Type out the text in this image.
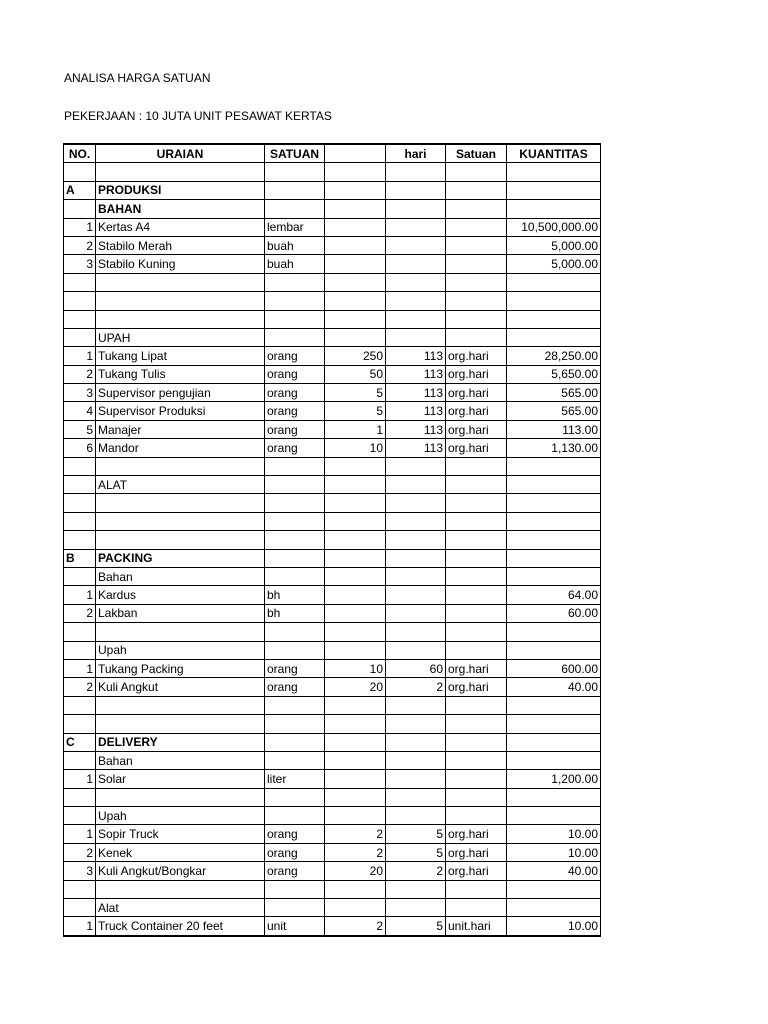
ANALISA HARGA SATUAN
PEKERJAAN : 10 JUTA UNIT PESAWAT KERTAS
NO.	URAIAN	SATUAN		hari	Satuan	KUANTITAS

A	PRODUKSI					
	BAHAN					
1	Kertas A4	lembar				10,500,000.00
2	Stabilo Merah	buah				5,000.00
3	Stabilo Kuning	buah				5,000.00

	UPAH					
1	Tukang Lipat	orang	250	113	org.hari	28,250.00
2	Tukang Tulis	orang	50	113	org.hari	5,650.00
3	Supervisor pengujian	orang	5	113	org.hari	565.00
4	Supervisor Produksi	orang	5	113	org.hari	565.00
5	Manajer	orang	1	113	org.hari	113.00
6	Mandor	orang	10	113	org.hari	1,130.00

	ALAT					

B	PACKING					
	Bahan					
1	Kardus	bh				64.00
2	Lakban	bh				60.00

	Upah					
1	Tukang Packing	orang	10	60	org.hari	600.00
2	Kuli Angkut	orang	20	2	org.hari	40.00

C	DELIVERY					
	Bahan					
1	Solar	liter				1,200.00

	Upah					
1	Sopir Truck	orang	2	5	org.hari	10.00
2	Kenek	orang	2	5	org.hari	10.00
3	Kuli Angkut/Bongkar	orang	20	2	org.hari	40.00

	Alat					
1	Truck Container 20 feet	unit	2	5	unit.hari	10.00
